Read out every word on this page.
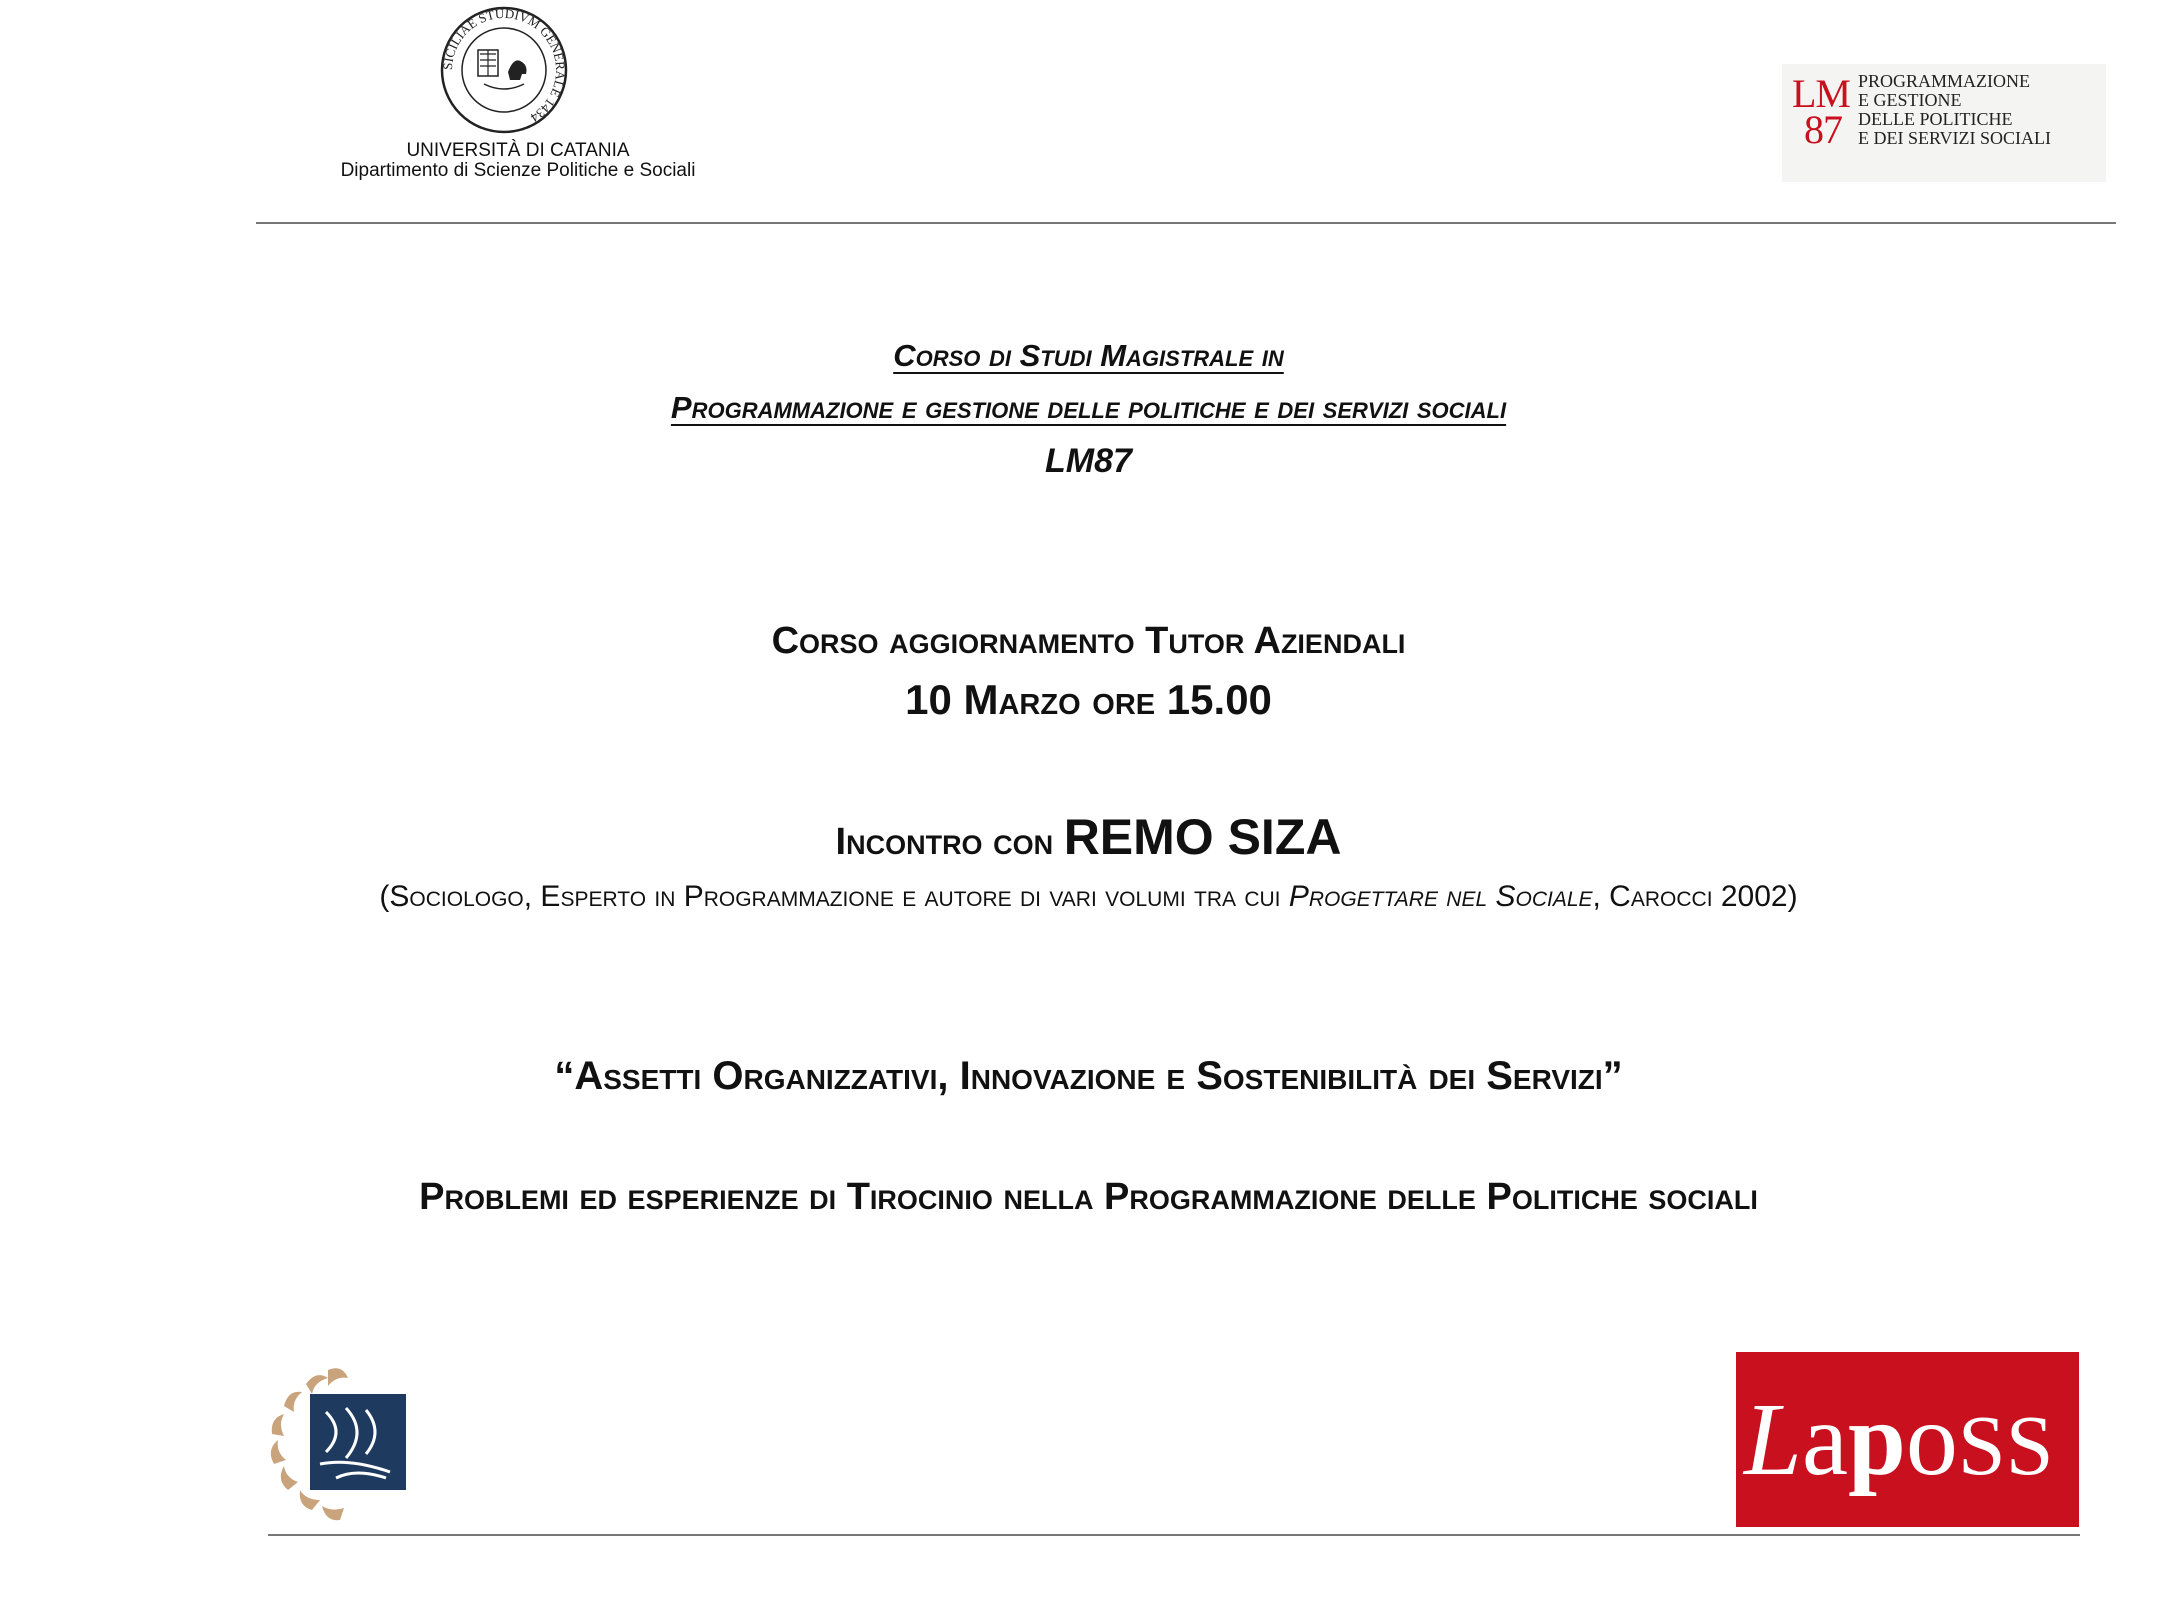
SICILIAE STUDIVM GENERALE 1434
UNIVERSITÀ DI CATANIA
Dipartimento di Scienze Politiche e Sociali
LM
87
PROGRAMMAZIONE
E GESTIONE
DELLE POLITICHE
E DEI SERVIZI SOCIALI
Corso di Studi Magistrale in
Programmazione e gestione delle politiche e dei servizi sociali
LM87
Corso aggiornamento Tutor Aziendali
10 Marzo ore 15.00
Incontro con REMO SIZA
(Sociologo, Esperto in Programmazione e autore di vari volumi tra cui Progettare nel Sociale, Carocci 2002)
“Assetti Organizzativi, Innovazione e Sostenibilità dei Servizi”
Problemi ed esperienze di Tirocinio nella Programmazione delle Politiche sociali
LapoSS
